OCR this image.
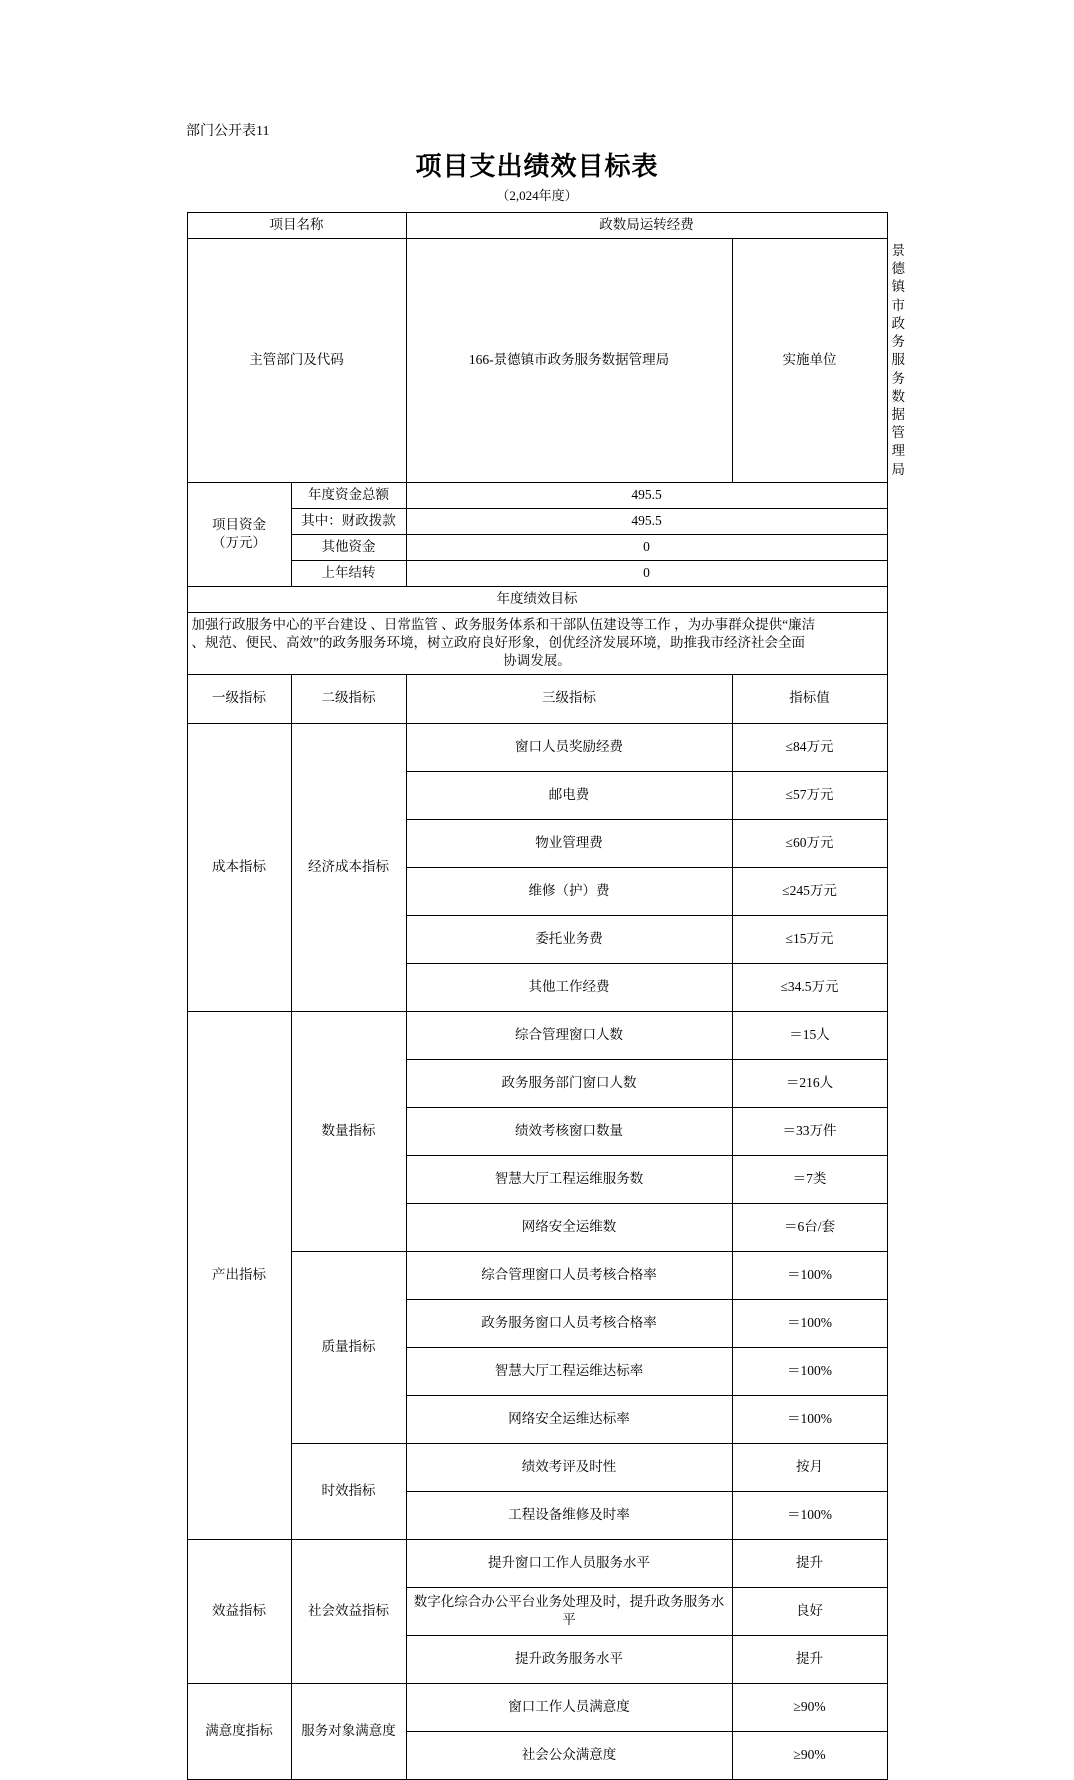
部门公开表11
项目支出绩效目标表
（2,024年度）
项目名称		政数局运转经费		
主管部门及代码		166-景德镇市政务服务数据管理局	实施单位	景德镇市政务服务数据管理局

项目资金
（万元）	年度资金总额	495.5		
	其中：财政拨款	495.5		
	其他资金	0		
	上年结转	0		
年度绩效目标				

加强行政服务中心的平台建设 、日常监管 、政务服务体系和干部队伍建设等工作 ，为办事群众提供“廉洁

、规范、便民、高效”的政务服务环境，树立政府良好形象，创优经济发展环境，助推我市经济社会全面

协调发展。				

一级指标	二级指标	三级指标	指标值	
成本指标	经济成本指标	窗口人员奖励经费	≤84万元	
		邮电费	≤57万元	
		物业管理费	≤60万元	
		维修（护）费	≤245万元	
		委托业务费	≤15万元	
		其他工作经费	≤34.5万元	
产出指标	数量指标	综合管理窗口人数	＝15人	
		政务服务部门窗口人数	＝216人	
		绩效考核窗口数量	＝33万件	
		智慧大厅工程运维服务数	＝7类	
		网络安全运维数	＝6台/套	
	质量指标	综合管理窗口人员考核合格率	＝100%	
		政务服务窗口人员考核合格率	＝100%	
		智慧大厅工程运维达标率	＝100%	
		网络安全运维达标率	＝100%	
	时效指标	绩效考评及时性	按月	
		工程设备维修及时率	＝100%	
效益指标	社会效益指标	提升窗口工作人员服务水平	提升	
		数字化综合办公平台业务处理及时，提升政务服务水平	良好	
		提升政务服务水平	提升	
满意度指标	服务对象满意度	窗口工作人员满意度	≥90%	
		社会公众满意度	≥90%	
